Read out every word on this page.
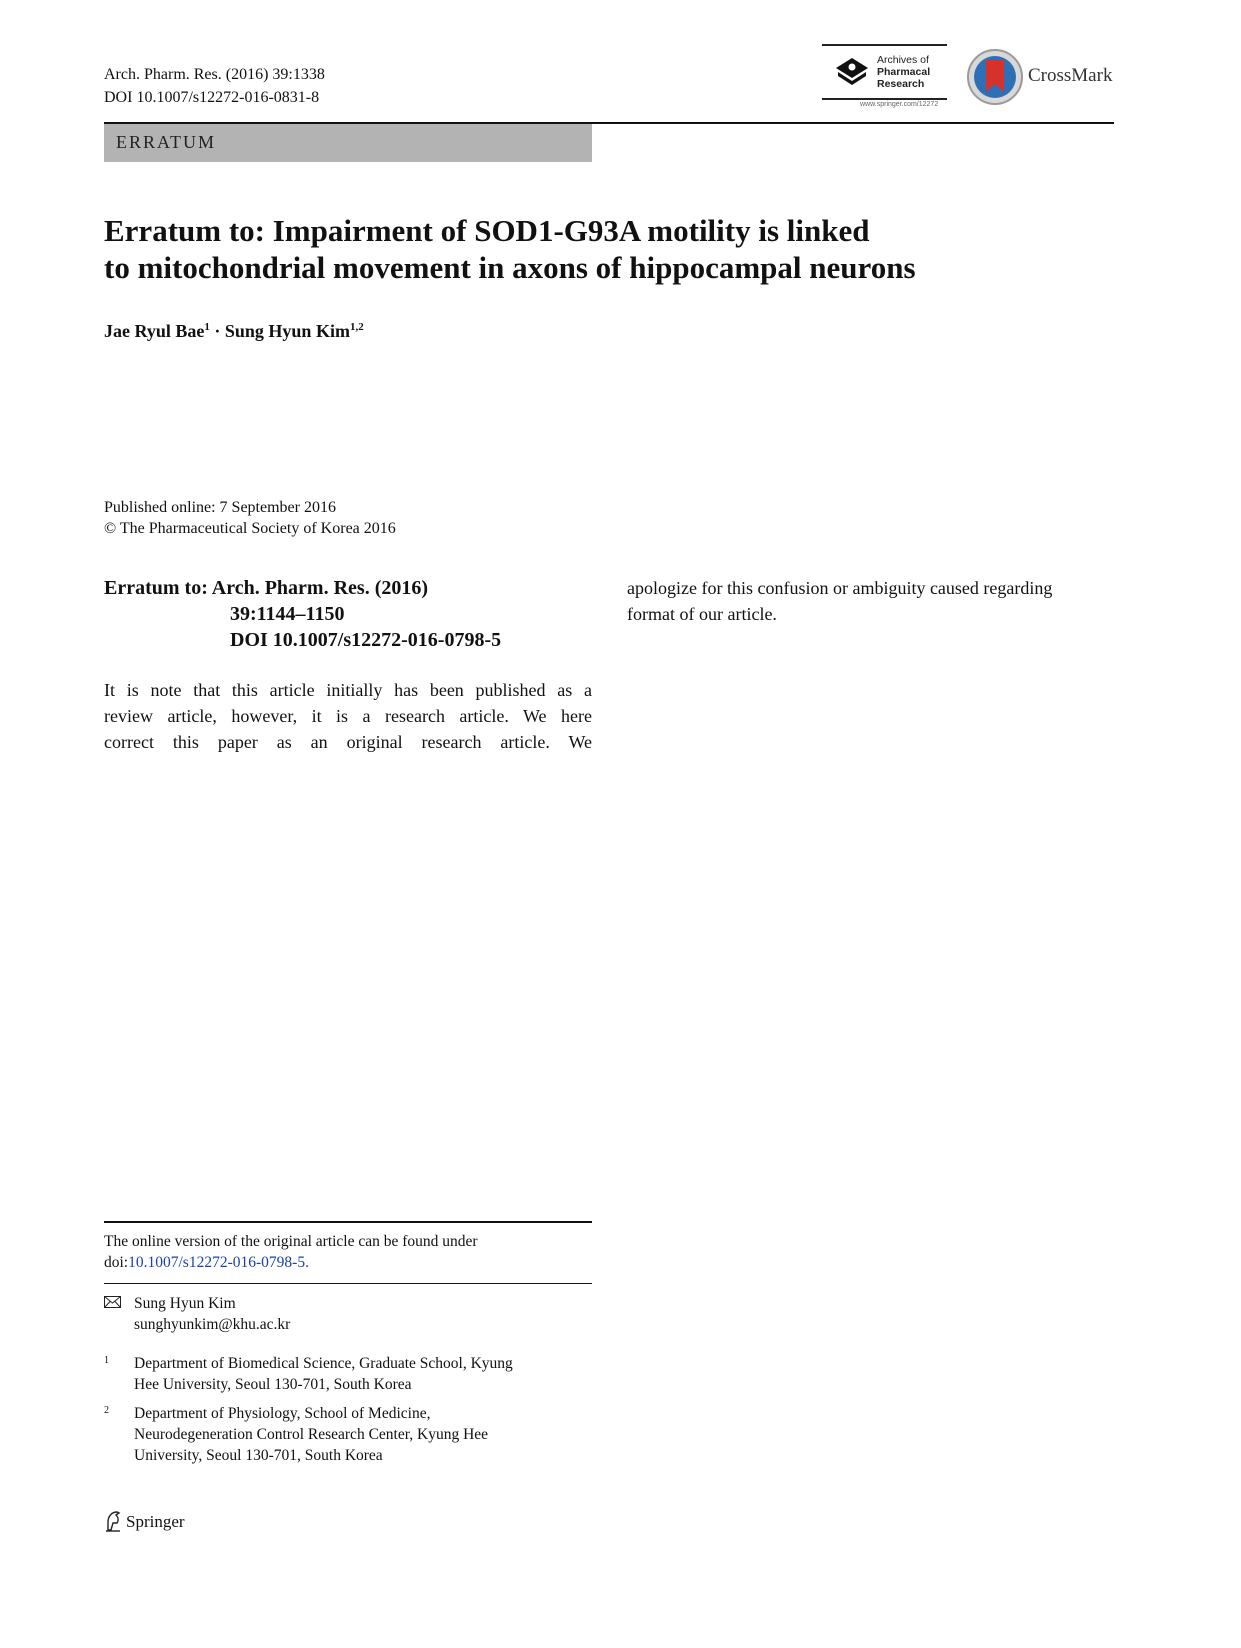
Arch. Pharm. Res. (2016) 39:1338
DOI 10.1007/s12272-016-0831-8
Archives of
Pharmacal
Research
www.springer.com/12272
CrossMark
ERRATUM
Erratum to: Impairment of SOD1-G93A motility is linked
to mitochondrial movement in axons of hippocampal neurons
Jae Ryul Bae$^1$ · Sung Hyun Kim$^{1,2}$
Published online: 7 September 2016
© The Pharmaceutical Society of Korea 2016
Erratum to: Arch. Pharm. Res. (2016)
39:1144–1150
DOI 10.1007/s12272-016-0798-5
It is note that this article initially has been published as a
review article, however, it is a research article. We here
correct this paper as an original research article. We
apologize for this confusion or ambiguity caused regarding
format of our article.
The online version of the original article can be found under
doi:10.1007/s12272-016-0798-5.
Sung Hyun Kim
sunghyunkim@khu.ac.kr
1 Department of Biomedical Science, Graduate School, Kyung
Hee University, Seoul 130-701, South Korea
2 Department of Physiology, School of Medicine,
Neurodegeneration Control Research Center, Kyung Hee
University, Seoul 130-701, South Korea
Springer
